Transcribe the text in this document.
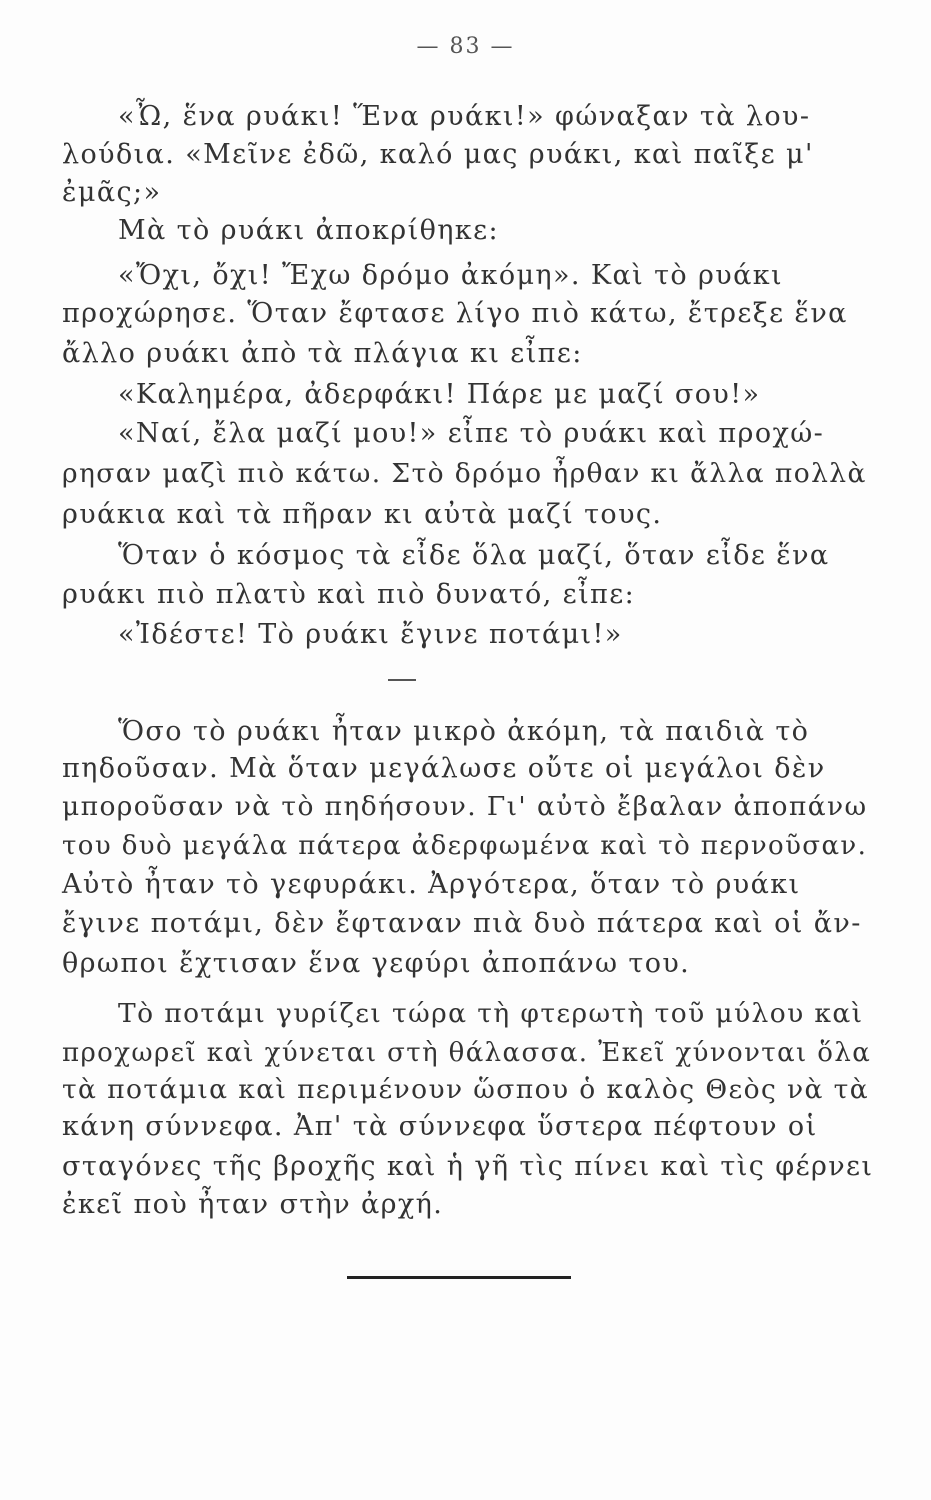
— 83 —
«Ὦ, ἕνα ρυάκι! Ἕνα ρυάκι!» φώναξαν τὰ λου-
λούδια. «Μεῖνε ἐδῶ, καλό μας ρυάκι, καὶ παῖξε μ'
ἐμᾶς;»
Μὰ τὸ ρυάκι ἀποκρίθηκε:
«Ὄχι, ὄχι! Ἔχω δρόμο ἀκόμη». Καὶ τὸ ρυάκι
προχώρησε. Ὅταν ἔφτασε λίγο πιὸ κάτω, ἔτρεξε ἕνα
ἄλλο ρυάκι ἀπὸ τὰ πλάγια κι εἶπε:
«Καλημέρα, ἀδερφάκι! Πάρε με μαζί σου!»
«Ναί, ἔλα μαζί μου!» εἶπε τὸ ρυάκι καὶ προχώ-
ρησαν μαζὶ πιὸ κάτω. Στὸ δρόμο ἦρθαν κι ἄλλα πολλὰ
ρυάκια καὶ τὰ πῆραν κι αὐτὰ μαζί τους.
Ὅταν ὁ κόσμος τὰ εἶδε ὅλα μαζί, ὅταν εἶδε ἕνα
ρυάκι πιὸ πλατὺ καὶ πιὸ δυνατό, εἶπε:
«Ἰδέστε! Τὸ ρυάκι ἔγινε ποτάμι!»
Ὅσο τὸ ρυάκι ἦταν μικρὸ ἀκόμη, τὰ παιδιὰ τὸ
πηδοῦσαν. Μὰ ὅταν μεγάλωσε οὔτε οἱ μεγάλοι δὲν
μποροῦσαν νὰ τὸ πηδήσουν. Γι' αὐτὸ ἔβαλαν ἀποπάνω
του δυὸ μεγάλα πάτερα ἀδερφωμένα καὶ τὸ περνοῦσαν.
Αὐτὸ ἦταν τὸ γεφυράκι. Ἀργότερα, ὅταν τὸ ρυάκι
ἔγινε ποτάμι, δὲν ἔφταναν πιὰ δυὸ πάτερα καὶ οἱ ἄν-
θρωποι ἔχτισαν ἕνα γεφύρι ἀποπάνω του.
Τὸ ποτάμι γυρίζει τώρα τὴ φτερωτὴ τοῦ μύλου καὶ
προχωρεῖ καὶ χύνεται στὴ θάλασσα. Ἐκεῖ χύνονται ὅλα
τὰ ποτάμια καὶ περιμένουν ὥσπου ὁ καλὸς Θεὸς νὰ τὰ
κάνη σύννεφα. Ἀπ' τὰ σύννεφα ὕστερα πέφτουν οἱ
σταγόνες τῆς βροχῆς καὶ ἡ γῆ τὶς πίνει καὶ τὶς φέρνει
ἐκεῖ ποὺ ἦταν στὴν ἀρχή.
